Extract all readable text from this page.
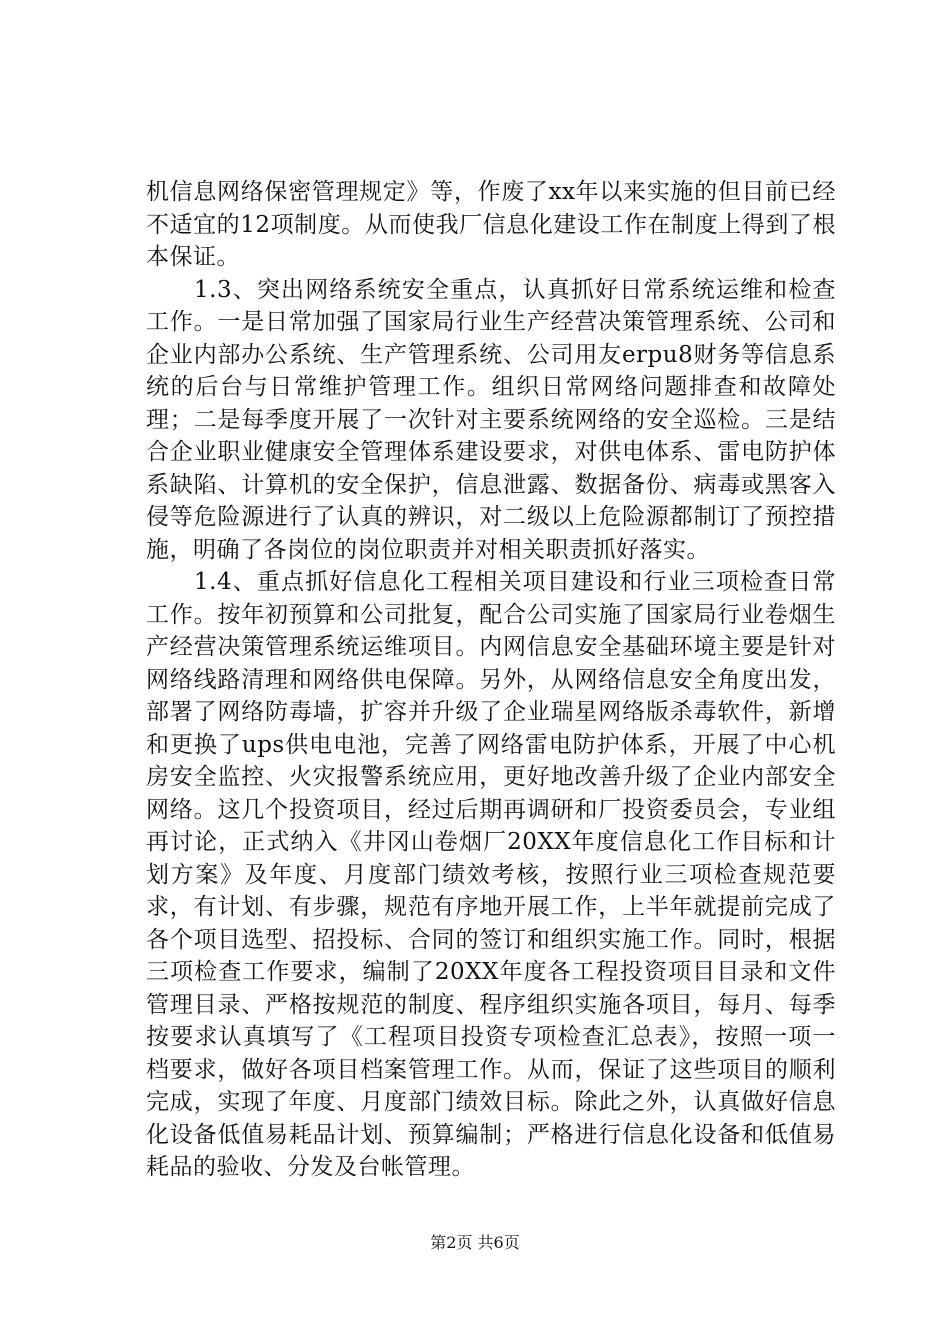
机信息网络保密管理规定》等，作废了xx年以来实施的但目前已经不适宜的12项制度。从而使我厂信息化建设工作在制度上得到了根本保证。

1.3、突出网络系统安全重点，认真抓好日常系统运维和检查工作。一是日常加强了国家局行业生产经营决策管理系统、公司和企业内部办公系统、生产管理系统、公司用友erpu8财务等信息系统的后台与日常维护管理工作。组织日常网络问题排查和故障处理；二是每季度开展了一次针对主要系统网络的安全巡检。三是结合企业职业健康安全管理体系建设要求，对供电体系、雷电防护体系缺陷、计算机的安全保护，信息泄露、数据备份、病毒或黑客入侵等危险源进行了认真的辨识，对二级以上危险源都制订了预控措施，明确了各岗位的岗位职责并对相关职责抓好落实。

1.4、重点抓好信息化工程相关项目建设和行业三项检查日常工作。按年初预算和公司批复，配合公司实施了国家局行业卷烟生产经营决策管理系统运维项目。内网信息安全基础环境主要是针对网络线路清理和网络供电保障。另外，从网络信息安全角度出发，部署了网络防毒墙，扩容并升级了企业瑞星网络版杀毒软件，新增和更换了ups供电电池，完善了网络雷电防护体系，开展了中心机房安全监控、火灾报警系统应用，更好地改善升级了企业内部安全网络。这几个投资项目，经过后期再调研和厂投资委员会，专业组再讨论，正式纳入《井冈山卷烟厂20XX年度信息化工作目标和计划方案》及年度、月度部门绩效考核，按照行业三项检查规范要求，有计划、有步骤，规范有序地开展工作，上半年就提前完成了各个项目选型、招投标、合同的签订和组织实施工作。同时，根据三项检查工作要求，编制了20XX年度各工程投资项目目录和文件管理目录、严格按规范的制度、程序组织实施各项目，每月、每季按要求认真填写了《工程项目投资专项检查汇总表》，按照一项一档要求，做好各项目档案管理工作。从而，保证了这些项目的顺利完成，实现了年度、月度部门绩效目标。除此之外，认真做好信息化设备低值易耗品计划、预算编制；严格进行信息化设备和低值易耗品的验收、分发及台帐管理。

第2页 共6页
